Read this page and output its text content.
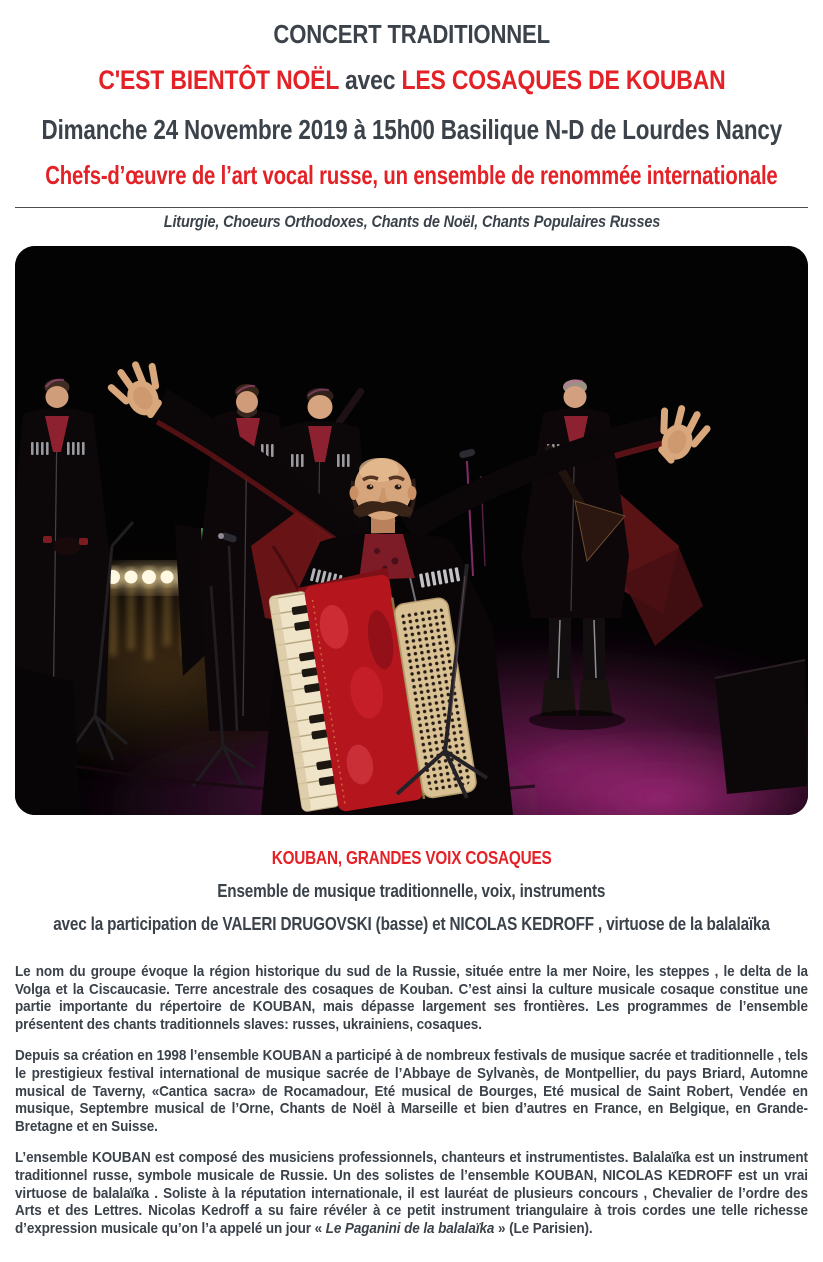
CONCERT TRADITIONNEL
C'EST BIENTÔT NOËL avec LES COSAQUES DE KOUBAN
Dimanche 24 Novembre 2019 à 15h00 Basilique N-D de Lourdes Nancy
Chefs-d’œuvre de l’art vocal russe, un ensemble de renommée internationale
Liturgie, Choeurs Orthodoxes, Chants de Noël, Chants Populaires Russes
KOUBAN, GRANDES VOIX COSAQUES
Ensemble de musique traditionnelle, voix, instruments
avec la participation de VALERI DRUGOVSKI (basse) et NICOLAS KEDROFF , virtuose de la balalaïka

Le nom du groupe évoque la région historique du sud de la Russie, située entre la mer Noire, les steppes , le delta de la Volga et la Ciscaucasie. Terre ancestrale des cosaques de Kouban. C’est ainsi la culture musicale cosaque constitue une partie importante du répertoire de KOUBAN, mais dépasse largement ses frontières. Les programmes de l’ensemble présentent des chants traditionnels slaves: russes, ukrainiens, cosaques.

Depuis sa création en 1998 l’ensemble KOUBAN a participé à de nombreux festivals de musique sacrée et traditionnelle , tels le prestigieux festival international de musique sacrée de l’Abbaye de Sylvanès, de Montpellier, du pays Briard, Automne musical de Taverny, «Cantica sacra» de Rocamadour, Eté musical de Bourges, Eté musical de Saint Robert, Vendée en musique, Septembre musical de l’Orne, Chants de Noël à Marseille et bien d’autres en France, en Belgique, en Grande-Bretagne et en Suisse.

L’ensemble KOUBAN est composé des musiciens professionnels, chanteurs et instrumentistes. Balalaïka est un instrument traditionnel russe, symbole musicale de Russie. Un des solistes de l’ensemble KOUBAN, NICOLAS KEDROFF est un vrai virtuose de balalaïka . Soliste à la réputation internationale, il est lauréat de plusieurs concours , Chevalier de l’ordre des Arts et des Lettres. Nicolas Kedroff a su faire révéler à ce petit instrument triangulaire à trois cordes une telle richesse d’expression musicale qu’on l’a appelé un jour « Le Paganini de la balalaïka » (Le Parisien).
